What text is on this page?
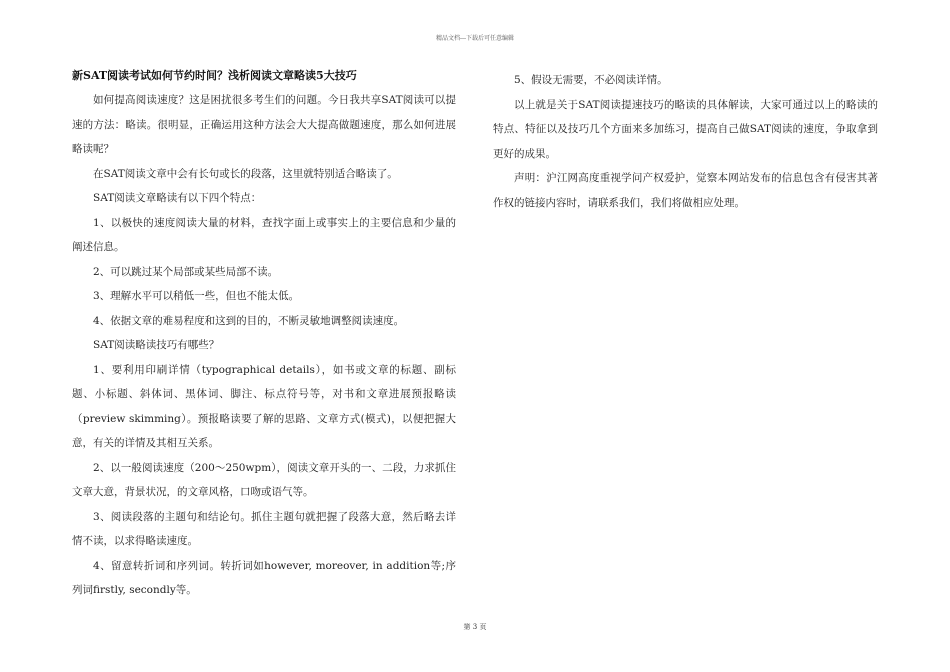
精品文档---下载后可任意编辑
新SAT阅读考试如何节约时间？浅析阅读文章略读5大技巧

如何提高阅读速度？这是困扰很多考生们的问题。今日我共享SAT阅读可以提速的方法：略读。很明显，正确运用这种方法会大大提高做题速度，那么如何进展略读呢？

在SAT阅读文章中会有长句或长的段落，这里就特别适合略读了。

SAT阅读文章略读有以下四个特点：

1、以极快的速度阅读大量的材料，查找字面上或事实上的主要信息和少量的阐述信息。

2、可以跳过某个局部或某些局部不读。

3、理解水平可以稍低一些，但也不能太低。

4、依据文章的难易程度和这到的目的，不断灵敏地调整阅读速度。

SAT阅读略读技巧有哪些？

1、要利用印刷详情（typographical details），如书或文章的标题、副标题、小标题、斜体词、黑体词、脚注、标点符号等，对书和文章进展预报略读（preview skimming）。预报略读要了解的思路、文章方式(模式)，以便把握大意，有关的详情及其相互关系。

2、以一般阅读速度（200～250wpm），阅读文章开头的一、二段，力求抓住文章大意，背景状况，的文章风格，口吻或语气等。

3、阅读段落的主题句和结论句。抓住主题句就把握了段落大意，然后略去详情不读，以求得略读速度。

4、留意转折词和序列词。转折词如however, moreover, in addition等;序列词firstly, secondly等。

5、假设无需要，不必阅读详情。

以上就是关于SAT阅读提速技巧的略读的具体解读，大家可通过以上的略读的特点、特征以及技巧几个方面来多加练习，提高自己做SAT阅读的速度，争取拿到更好的成果。

声明：沪江网高度重视学问产权爱护，觉察本网站发布的信息包含有侵害其著作权的链接内容时，请联系我们，我们将做相应处理。

第 3 页
